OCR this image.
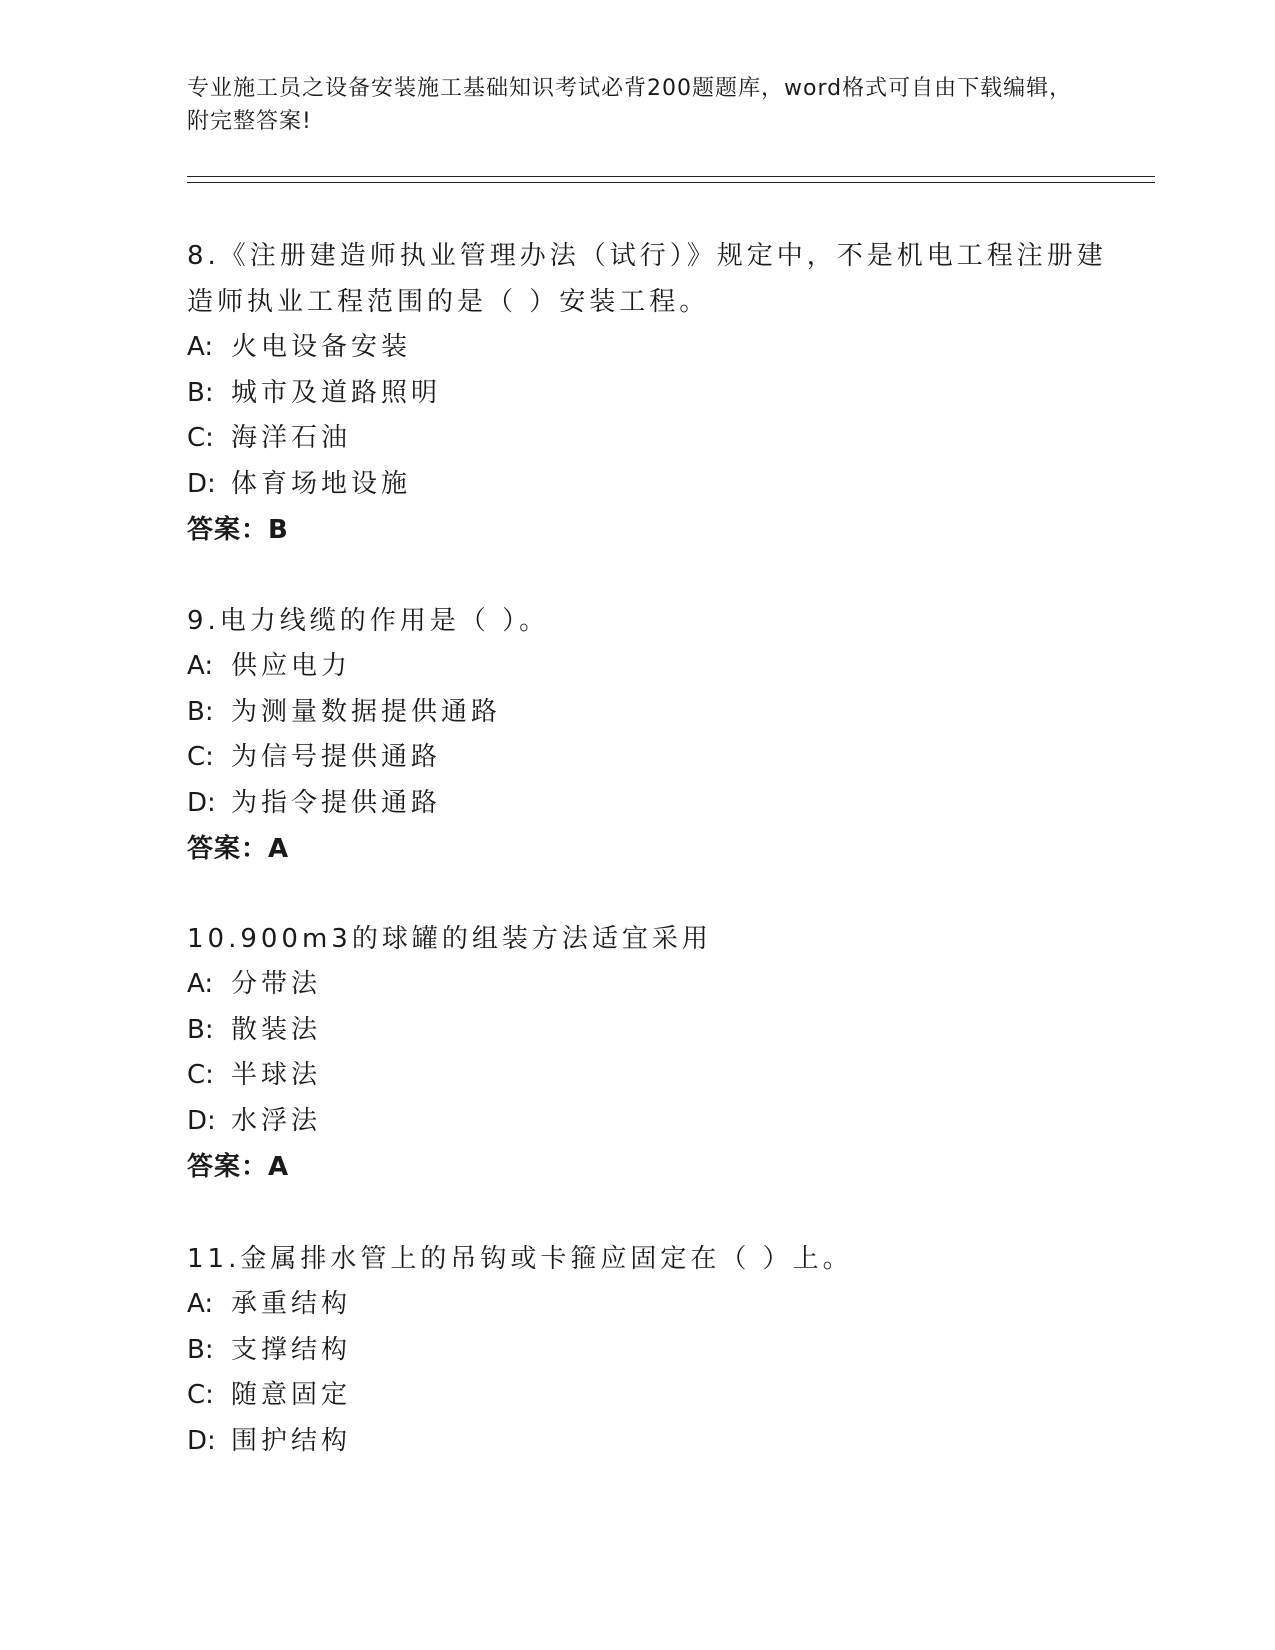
专业施工员之设备安装施工基础知识考试必背200题题库，word格式可自由下载编辑，附完整答案!

8.《注册建造师执业管理办法（试行）》规定中，不是机电工程注册建造师执业工程范围的是（ ）安装工程。

A: 火电设备安装

B: 城市及道路照明

C: 海洋石油

D: 体育场地设施

答案：B

9.电力线缆的作用是（ ）。

A: 供应电力

B: 为测量数据提供通路

C: 为信号提供通路

D: 为指令提供通路

答案：A

10.900m3的球罐的组装方法适宜采用

A: 分带法

B: 散装法

C: 半球法

D: 水浮法

答案：A

11.金属排水管上的吊钩或卡箍应固定在（ ）上。

A: 承重结构

B: 支撑结构

C: 随意固定

D: 围护结构
